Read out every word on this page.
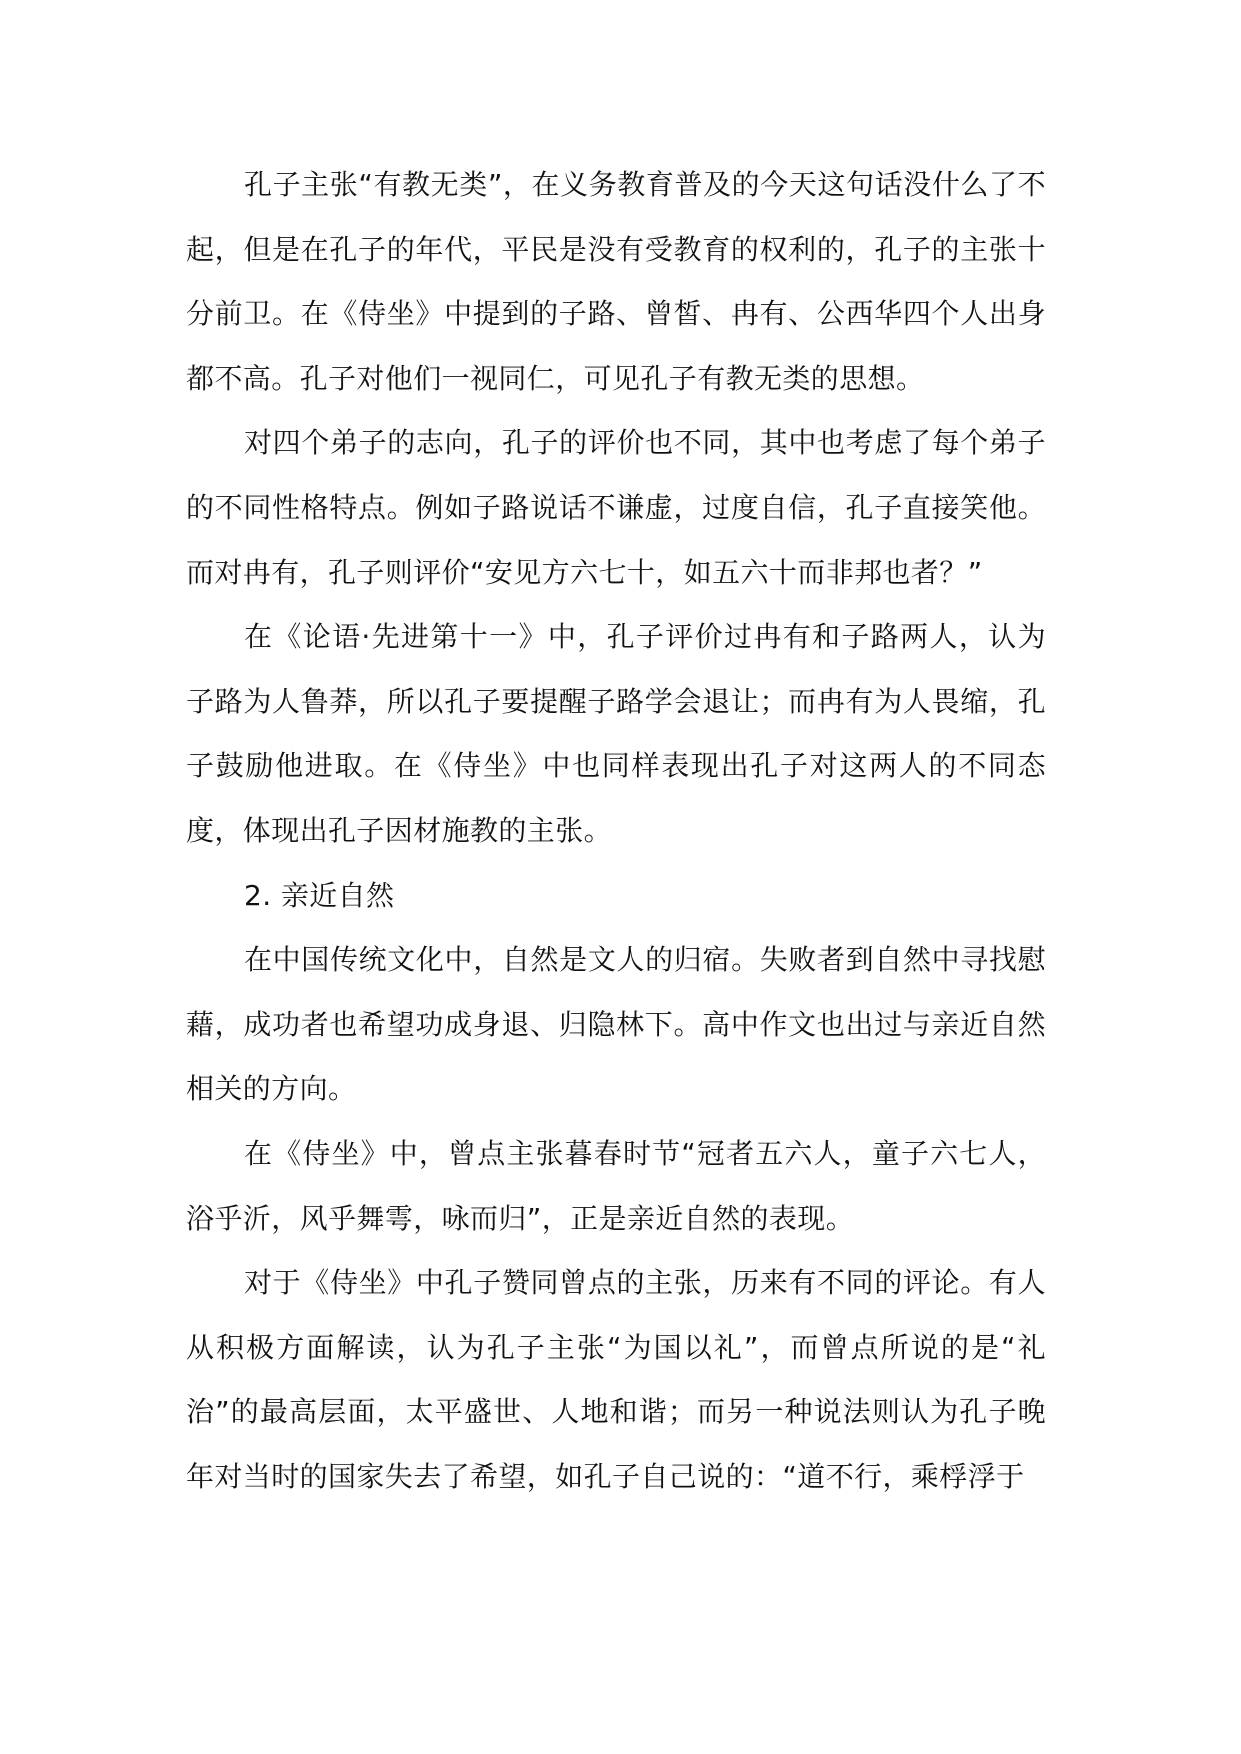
孔子主张“有教无类”，在义务教育普及的今天这句话没什么了不起，但是在孔子的年代，平民是没有受教育的权利的，孔子的主张十分前卫。在《侍坐》中提到的子路、曾皙、冉有、公西华四个人出身都不高。孔子对他们一视同仁，可见孔子有教无类的思想。

对四个弟子的志向，孔子的评价也不同，其中也考虑了每个弟子的不同性格特点。例如子路说话不谦虚，过度自信，孔子直接笑他。而对冉有，孔子则评价“安见方六七十，如五六十而非邦也者？”

在《论语·先进第十一》中，孔子评价过冉有和子路两人，认为子路为人鲁莽，所以孔子要提醒子路学会退让；而冉有为人畏缩，孔子鼓励他进取。在《侍坐》中也同样表现出孔子对这两人的不同态度，体现出孔子因材施教的主张。

2. 亲近自然

在中国传统文化中，自然是文人的归宿。失败者到自然中寻找慰藉，成功者也希望功成身退、归隐林下。高中作文也出过与亲近自然相关的方向。

在《侍坐》中，曾点主张暮春时节“冠者五六人，童子六七人，浴乎沂，风乎舞雩，咏而归”，正是亲近自然的表现。

对于《侍坐》中孔子赞同曾点的主张，历来有不同的评论。有人从积极方面解读，认为孔子主张“为国以礼”，而曾点所说的是“礼治”的最高层面，太平盛世、人地和谐；而另一种说法则认为孔子晚年对当时的国家失去了希望，如孔子自己说的：“道不行，乘桴浮于
